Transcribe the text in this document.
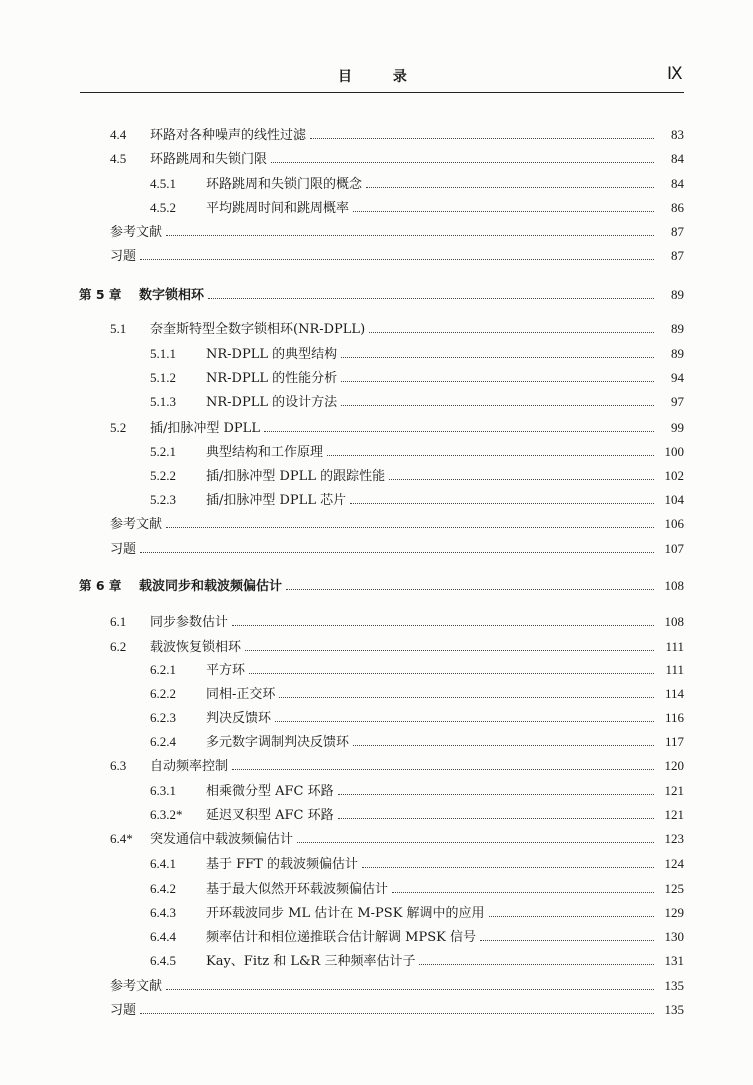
目 录	Ⅸ
4.4	环路对各种噪声的线性过滤	83
4.5	环路跳周和失锁门限	84
4.5.1	环路跳周和失锁门限的概念	84
4.5.2	平均跳周时间和跳周概率	86
参考文献	87
习题	87
第 5 章	数字锁相环	89
5.1	奈奎斯特型全数字锁相环(NR-DPLL)	89
5.1.1	NR-DPLL 的典型结构	89
5.1.2	NR-DPLL 的性能分析	94
5.1.3	NR-DPLL 的设计方法	97
5.2	插/扣脉冲型 DPLL	99
5.2.1	典型结构和工作原理	100
5.2.2	插/扣脉冲型 DPLL 的跟踪性能	102
5.2.3	插/扣脉冲型 DPLL 芯片	104
参考文献	106
习题	107
第 6 章	载波同步和载波频偏估计	108
6.1	同步参数估计	108
6.2	载波恢复锁相环	111
6.2.1	平方环	111
6.2.2	同相-正交环	114
6.2.3	判决反馈环	116
6.2.4	多元数字调制判决反馈环	117
6.3	自动频率控制	120
6.3.1	相乘微分型 AFC 环路	121
6.3.2*	延迟叉积型 AFC 环路	121
6.4*	突发通信中载波频偏估计	123
6.4.1	基于 FFT 的载波频偏估计	124
6.4.2	基于最大似然开环载波频偏估计	125
6.4.3	开环载波同步 ML 估计在 M-PSK 解调中的应用	129
6.4.4	频率估计和相位递推联合估计解调 MPSK 信号	130
6.4.5	Kay、Fitz 和 L&R 三种频率估计子	131
参考文献	135
习题	135
